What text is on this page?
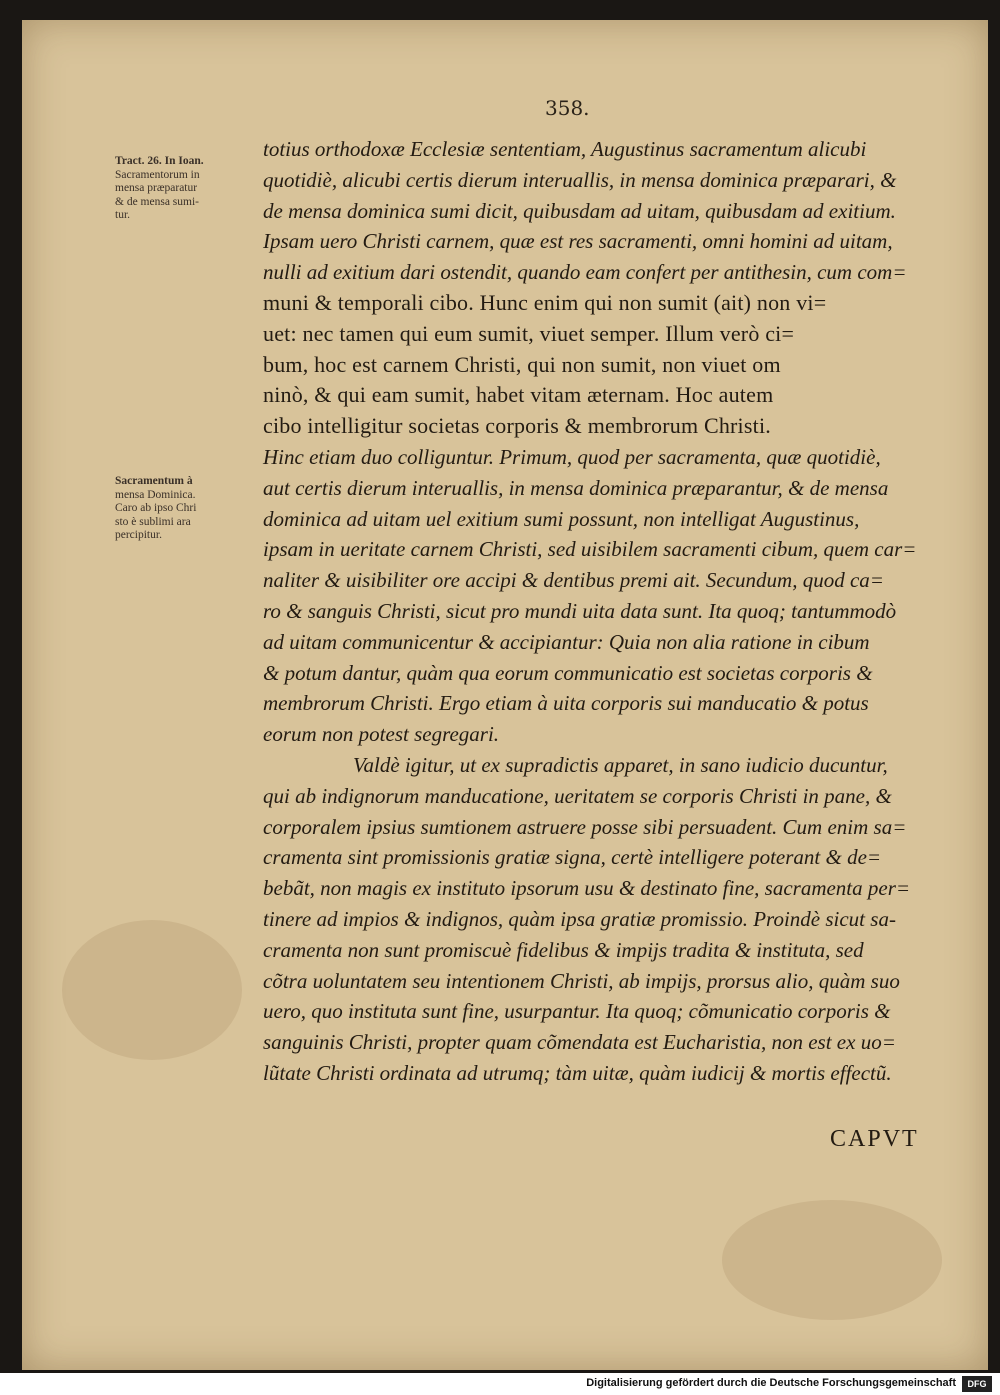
358.
Tract. 26. In Ioan.
Sacramentorum in
mensa præparatur
& de mensa sumi-
tur.
Sacramentum à
mensa Dominica.
Caro ab ipso Chri
sto è sublimi ara
percipitur.
totius orthodoxæ Ecclesiæ sententiam, Augustinus sacramentum alicubi
quotidiè, alicubi certis dierum interuallis, in mensa dominica præparari, &
de mensa dominica sumi dicit, quibusdam ad uitam, quibusdam ad exitium.
Ipsam uero Christi carnem, quæ est res sacramenti, omni homini ad uitam,
nulli ad exitium dari ostendit, quando eam confert per antithesin, cum com=
muni & temporali cibo. Hunc enim qui non sumit (ait) non vi=
uet: nec tamen qui eum sumit, viuet semper. Illum verò ci=
bum, hoc est carnem Christi, qui non sumit, non viuet om
ninò, & qui eam sumit, habet vitam æternam. Hoc autem
cibo intelligitur societas corporis & membrorum Christi.
Hinc etiam duo colliguntur. Primum, quod per sacramenta, quæ quotidiè,
aut certis dierum interuallis, in mensa dominica præparantur, & de mensa
dominica ad uitam uel exitium sumi possunt, non intelligat Augustinus,
ipsam in ueritate carnem Christi, sed uisibilem sacramenti cibum, quem car=
naliter & uisibiliter ore accipi & dentibus premi ait. Secundum, quod ca=
ro & sanguis Christi, sicut pro mundi uita data sunt. Ita quoq; tantummodò
ad uitam communicentur & accipiantur: Quia non alia ratione in cibum
& potum dantur, quàm qua eorum communicatio est societas corporis &
membrorum Christi. Ergo etiam à uita corporis sui manducatio & potus
eorum non potest segregari.
Valdè igitur, ut ex supradictis apparet, in sano iudicio ducuntur,
qui ab indignorum manducatione, ueritatem se corporis Christi in pane, &
corporalem ipsius sumtionem astruere posse sibi persuadent. Cum enim sa=
cramenta sint promissionis gratiæ signa, certè intelligere poterant & de=
bebãt, non magis ex instituto ipsorum usu & destinato fine, sacramenta per=
tinere ad impios & indignos, quàm ipsa gratiæ promissio. Proindè sicut sa-
cramenta non sunt promiscuè fidelibus & impijs tradita & instituta, sed
cõtra uoluntatem seu intentionem Christi, ab impijs, prorsus alio, quàm suo
uero, quo instituta sunt fine, usurpantur. Ita quoq; cõmunicatio corporis &
sanguinis Christi, propter quam cõmendata est Eucharistia, non est ex uo=
lũtate Christi ordinata ad utrumq; tàm uitæ, quàm iudicij & mortis effectũ.
CAPVT
Digitalisierung gefördert durch die Deutsche Forschungsgemeinschaft	DFG
